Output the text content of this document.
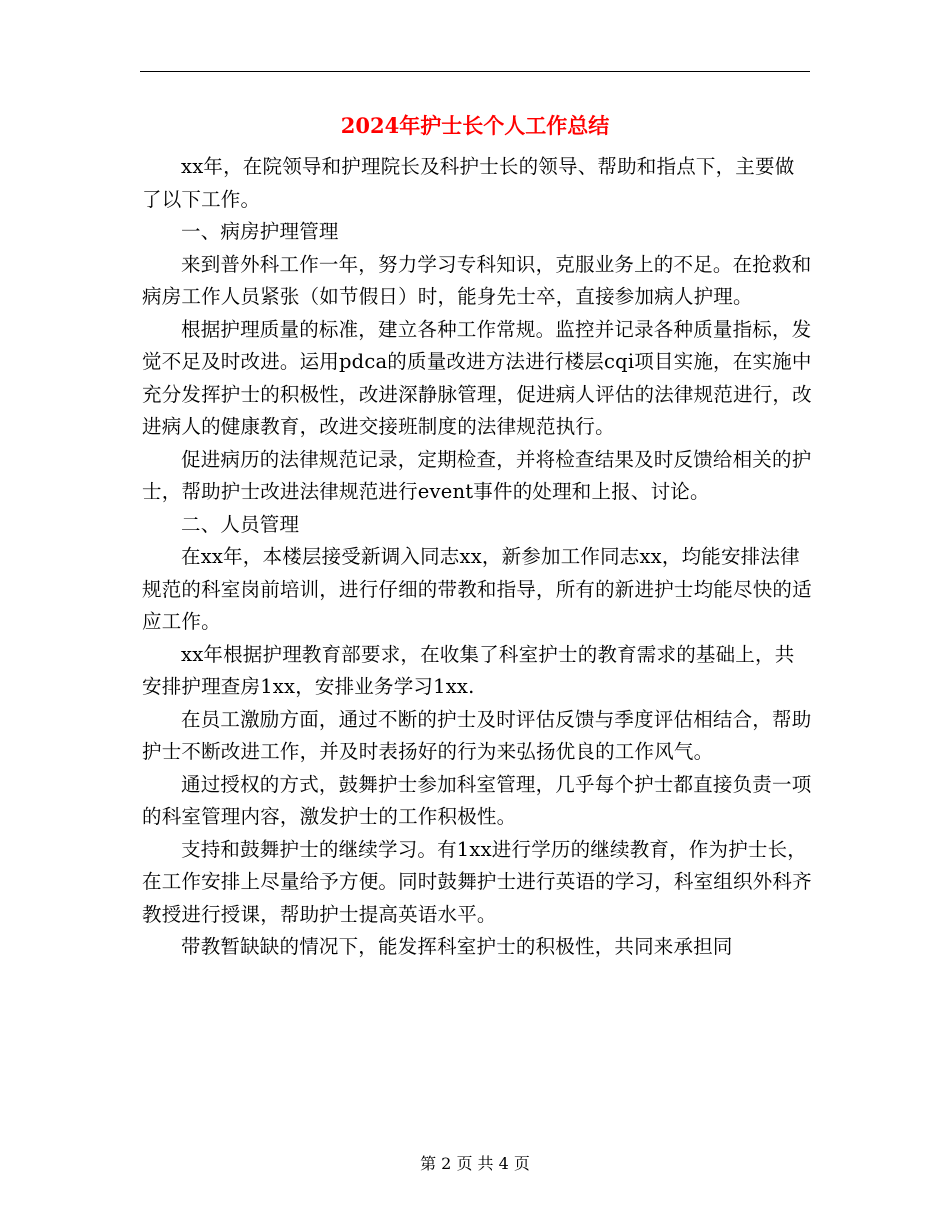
2024年护士长个人工作总结

xx年，在院领导和护理院长及科护士长的领导、帮助和指点下，主要做了以下工作。

一、病房护理管理

来到普外科工作一年，努力学习专科知识，克服业务上的不足。在抢救和病房工作人员紧张（如节假日）时，能身先士卒，直接参加病人护理。

根据护理质量的标准，建立各种工作常规。监控并记录各种质量指标，发觉不足及时改进。运用pdca的质量改进方法进行楼层cqi项目实施，在实施中充分发挥护士的积极性，改进深静脉管理，促进病人评估的法律规范进行，改进病人的健康教育，改进交接班制度的法律规范执行。

促进病历的法律规范记录，定期检查，并将检查结果及时反馈给相关的护士，帮助护士改进法律规范进行event事件的处理和上报、讨论。

二、人员管理

在xx年，本楼层接受新调入同志xx，新参加工作同志xx，均能安排法律规范的科室岗前培训，进行仔细的带教和指导，所有的新进护士均能尽快的适应工作。

xx年根据护理教育部要求，在收集了科室护士的教育需求的基础上，共安排护理查房1xx，安排业务学习1xx.

在员工激励方面，通过不断的护士及时评估反馈与季度评估相结合，帮助护士不断改进工作，并及时表扬好的行为来弘扬优良的工作风气。

通过授权的方式，鼓舞护士参加科室管理，几乎每个护士都直接负责一项的科室管理内容，激发护士的工作积极性。

支持和鼓舞护士的继续学习。有1xx进行学历的继续教育，作为护士长，在工作安排上尽量给予方便。同时鼓舞护士进行英语的学习，科室组织外科齐教授进行授课，帮助护士提高英语水平。

带教暂缺缺的情况下，能发挥科室护士的积极性，共同来承担同

第 2 页 共 4 页
